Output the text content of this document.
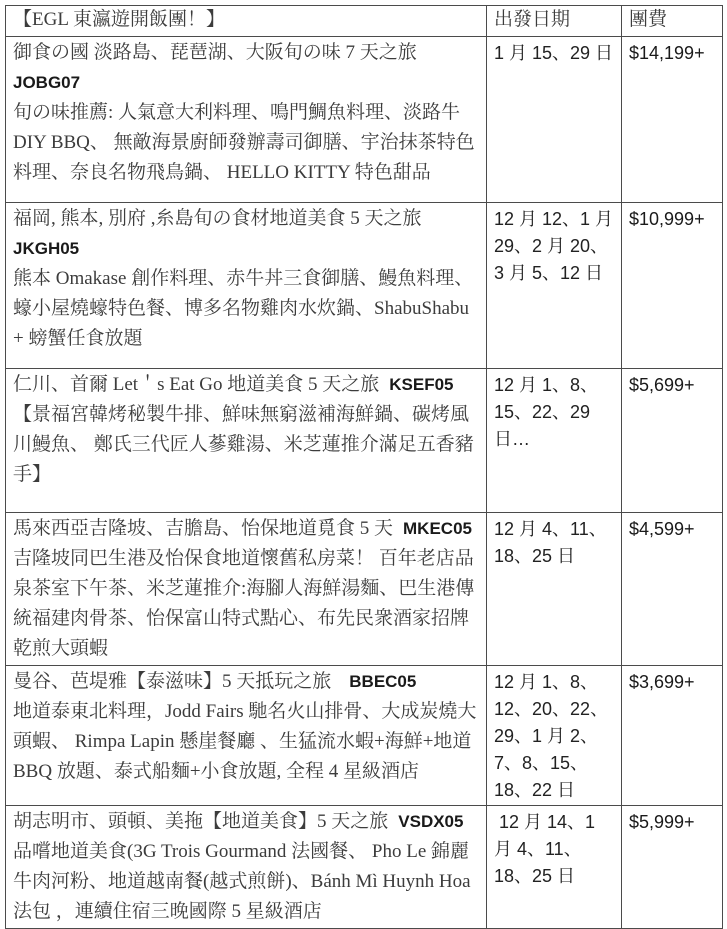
【EGL 東瀛遊開飯團！】	出發日期	團費

御食の國 淡路島、琵琶湖、大阪旬の味 7 天之旅
JOBG07
旬の味推薦: 人氣意大利料理、鳴門鯛魚料理、淡路牛 DIY BBQ、 無敵海景廚師發辦壽司御膳、宇治抹茶特色料理、奈良名物飛鳥鍋、 HELLO KITTY 特色甜品	1 月 15、29 日	$14,199+

福岡, 熊本, 別府 ,糸島旬の食材地道美食 5 天之旅
JKGH05
熊本 Omakase 創作料理、赤牛丼三食御膳、鰻魚料理、蠔小屋燒蠔特色餐、博多名物雞肉水炊鍋、ShabuShabu + 螃蟹任食放題	12 月 12、1 月 29、2 月 20、3 月 5、12 日	$10,999+

仁川、首爾 Let＇s Eat Go 地道美食 5 天之旅 KSEF05
【景福宮韓烤秘製牛排、鮮味無窮滋補海鮮鍋、碳烤風川鰻魚、 鄭氏三代匠人蔘雞湯、米芝蓮推介滿足五香豬手】	12 月 1、8、15、22、29 日…	$5,699+

馬來西亞吉隆坡、吉膽島、怡保地道覓食 5 天 MKEC05
吉隆坡同巴生港及怡保食地道懷舊私房菜！ 百年老店品泉茶室下午茶、米芝蓮推介:海腳人海鮮湯麵、巴生港傳統福建肉骨茶、怡保富山特式點心、布先民衆酒家招牌乾煎大頭蝦	12 月 4、11、18、25 日	$4,599+

曼谷、芭堤雅【泰滋味】5 天抵玩之旅 BBEC05
地道泰東北料理，Jodd Fairs 馳名火山排骨、大成炭燒大頭蝦、 Rimpa Lapin 懸崖餐廳 、生猛流水蝦+海鮮+地道 BBQ 放題、泰式船麵+小食放題, 全程 4 星級酒店	12 月 1、8、12、20、22、29、1 月 2、7、8、15、18、22 日	$3,699+

胡志明市、頭頓、美拖【地道美食】5 天之旅 VSDX05
品嚐地道美食(3G Trois Gourmand 法國餐、 Pho Le 錦麗牛肉河粉、地道越南餐(越式煎餅)、Bánh Mì Huynh Hoa 法包 ，連續住宿三晚國際 5 星級酒店	12 月 14、1 月 4、11、18、25 日	$5,999+
